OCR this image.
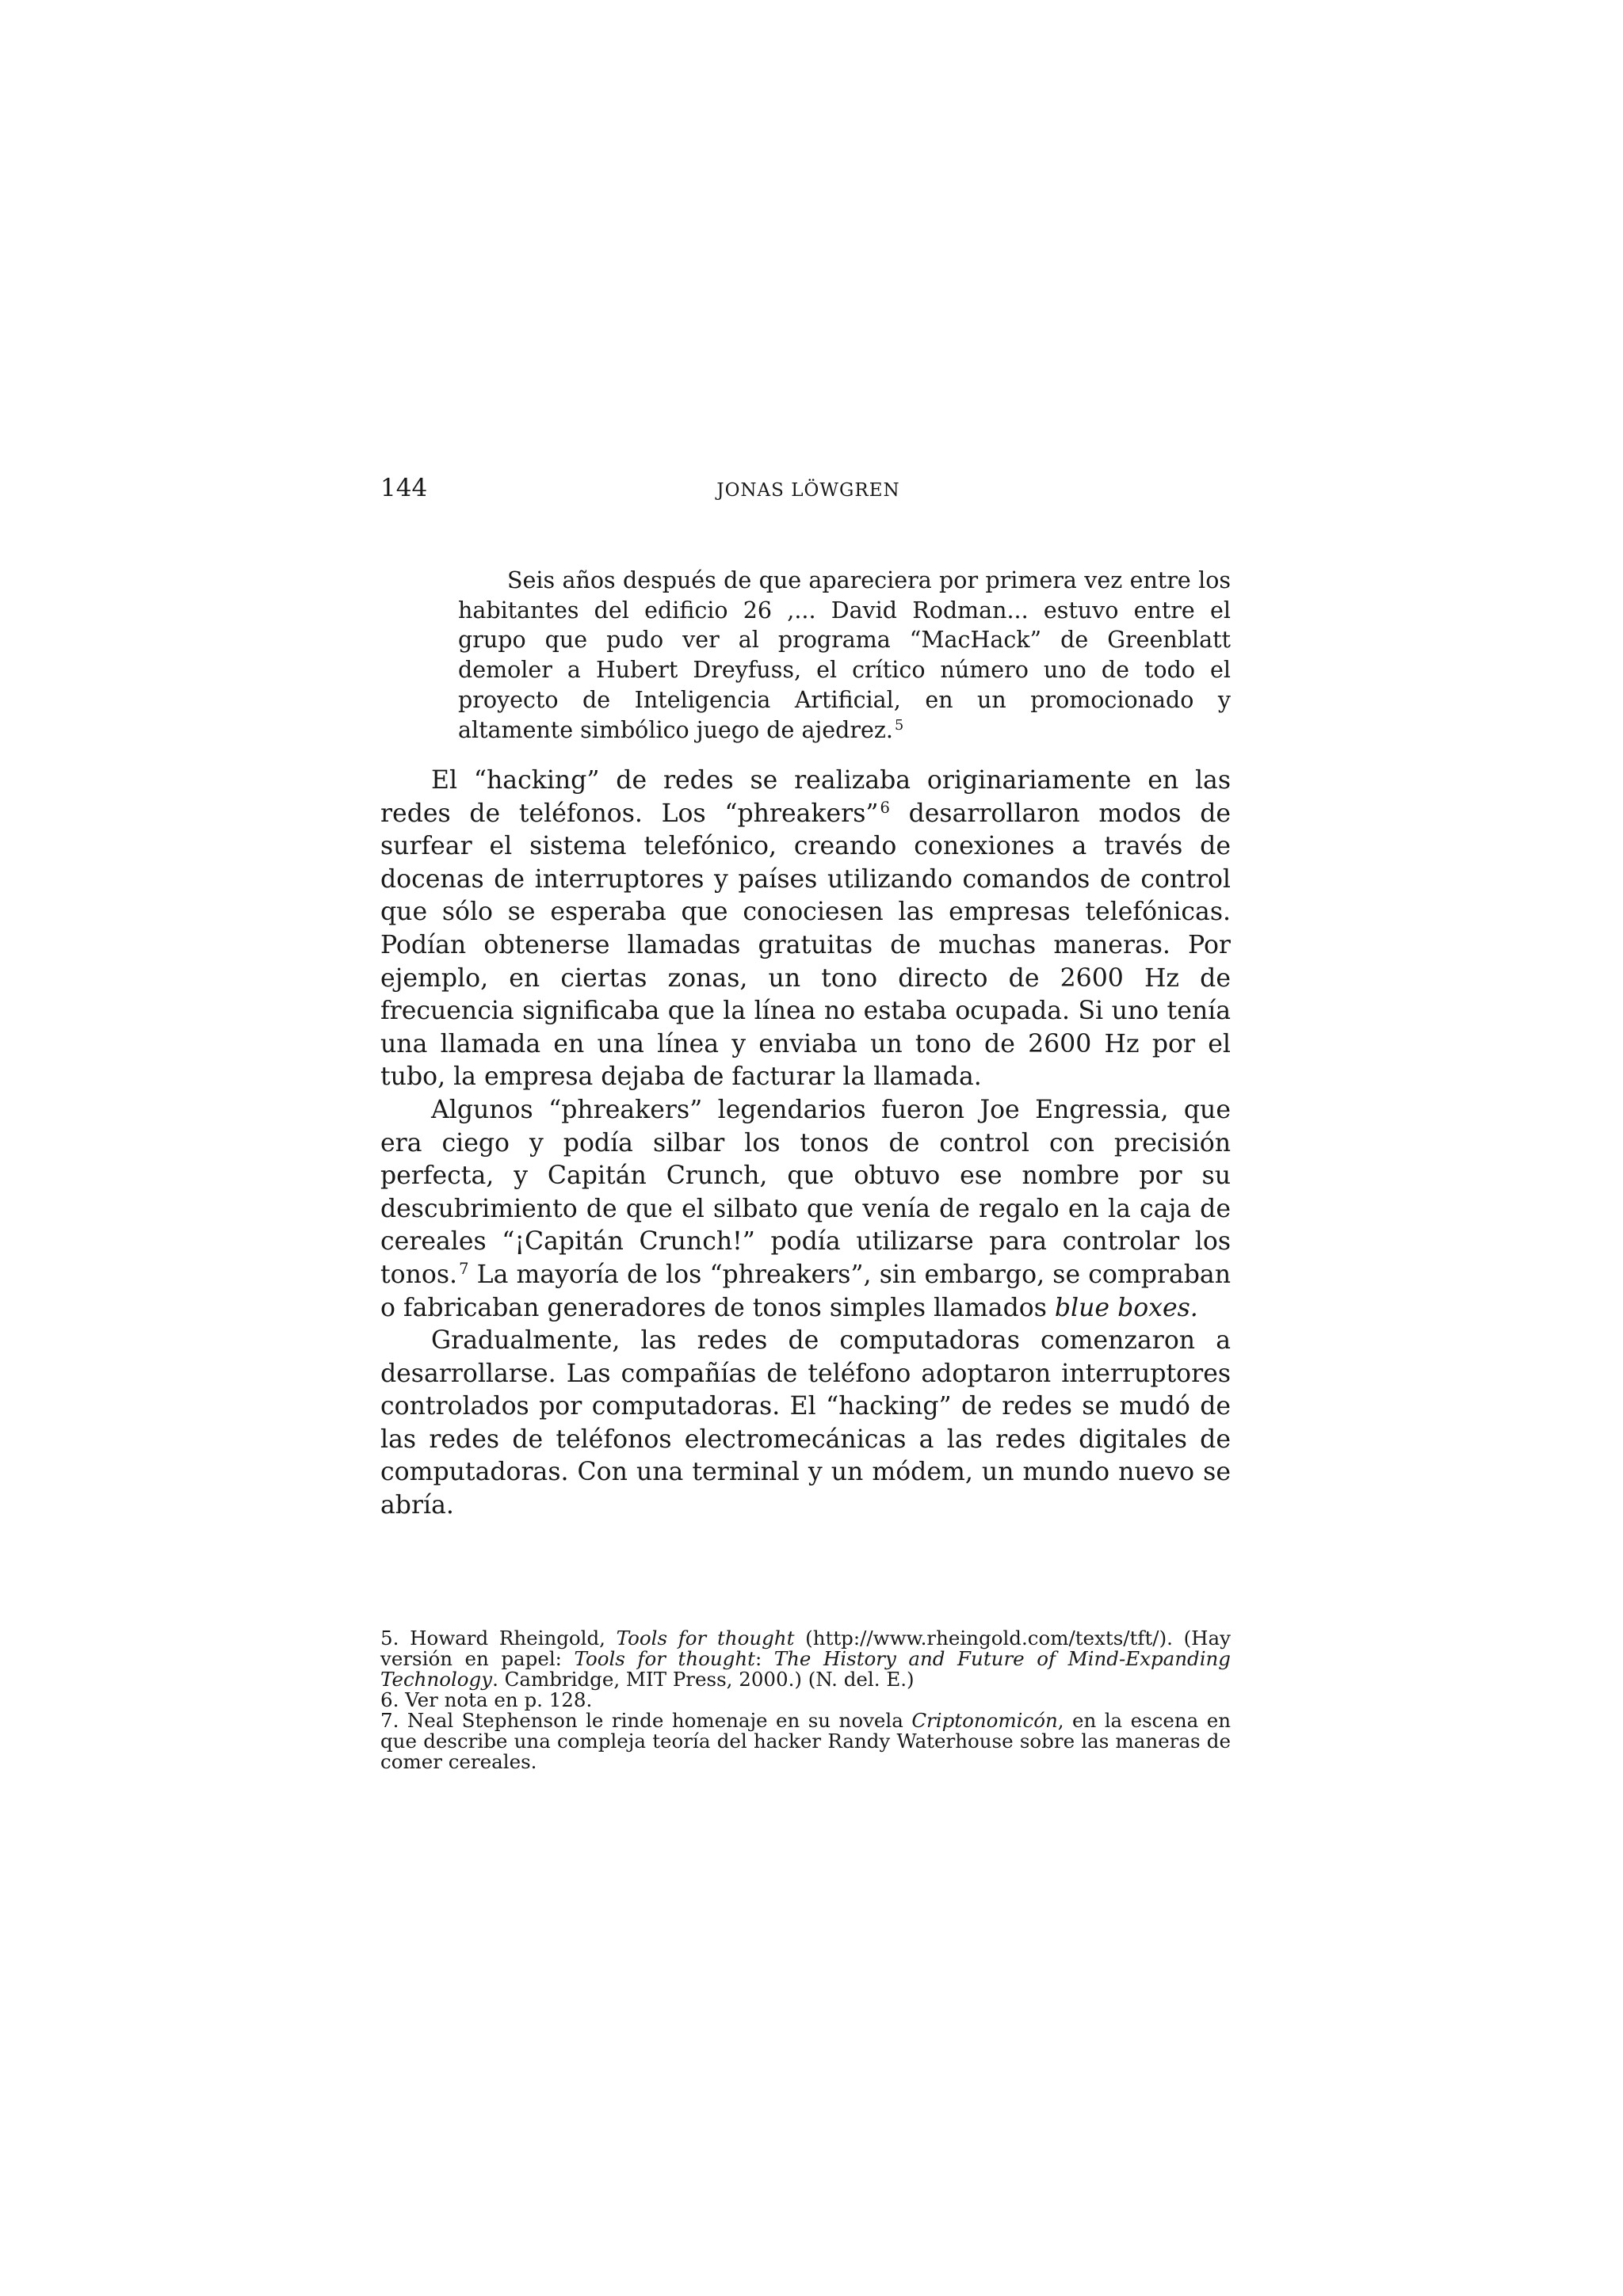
144	JONAS LÖWGREN

Seis años después de que apareciera por primera vez entre los habitantes del edificio 26 ,... David Rodman... estuvo entre el grupo que pudo ver al programa “MacHack” de Greenblatt demoler a Hubert Dreyfuss, el crítico número uno de todo el proyecto de Inteligencia Artificial, en un promocionado y altamente simbólico juego de ajedrez. $^5$

El “hacking” de redes se realizaba originariamente en las redes de teléfonos. Los “phreakers” $^6$ desarrollaron modos de surfear el sistema telefónico, creando conexiones a través de docenas de interruptores y países utilizando comandos de control que sólo se esperaba que conociesen las empresas telefónicas. Podían obtenerse llamadas gratuitas de muchas maneras. Por ejemplo, en ciertas zonas, un tono directo de 2600 Hz de frecuencia significaba que la línea no estaba ocupada. Si uno tenía una llamada en una línea y enviaba un tono de 2600 Hz por el tubo, la empresa dejaba de facturar la llamada.

Algunos “phreakers” legendarios fueron Joe Engressia, que era ciego y podía silbar los tonos de control con precisión perfecta, y Capitán Crunch, que obtuvo ese nombre por su descubrimiento de que el silbato que venía de regalo en la caja de cereales “¡Capitán Crunch!” podía utilizarse para controlar los tonos. $^7$ La mayoría de los “phreakers”, sin embargo, se compraban o fabricaban generadores de tonos simples llamados blue boxes.

Gradualmente, las redes de computadoras comenzaron a desarrollarse. Las compañías de teléfono adoptaron interruptores controlados por computadoras. El “hacking” de redes se mudó de las redes de teléfonos electromecánicas a las redes digitales de computadoras. Con una terminal y un módem, un mundo nuevo se abría.

5. Howard Rheingold, Tools for thought (http://www.rheingold.com/texts/tft/). (Hay versión en papel: Tools for thought: The History and Future of Mind-Expanding Technology. Cambridge, MIT Press, 2000.) (N. del. E.)

6. Ver nota en p. 128.

7. Neal Stephenson le rinde homenaje en su novela Criptonomicón, en la escena en que describe una compleja teoría del hacker Randy Waterhouse sobre las maneras de comer cereales.
